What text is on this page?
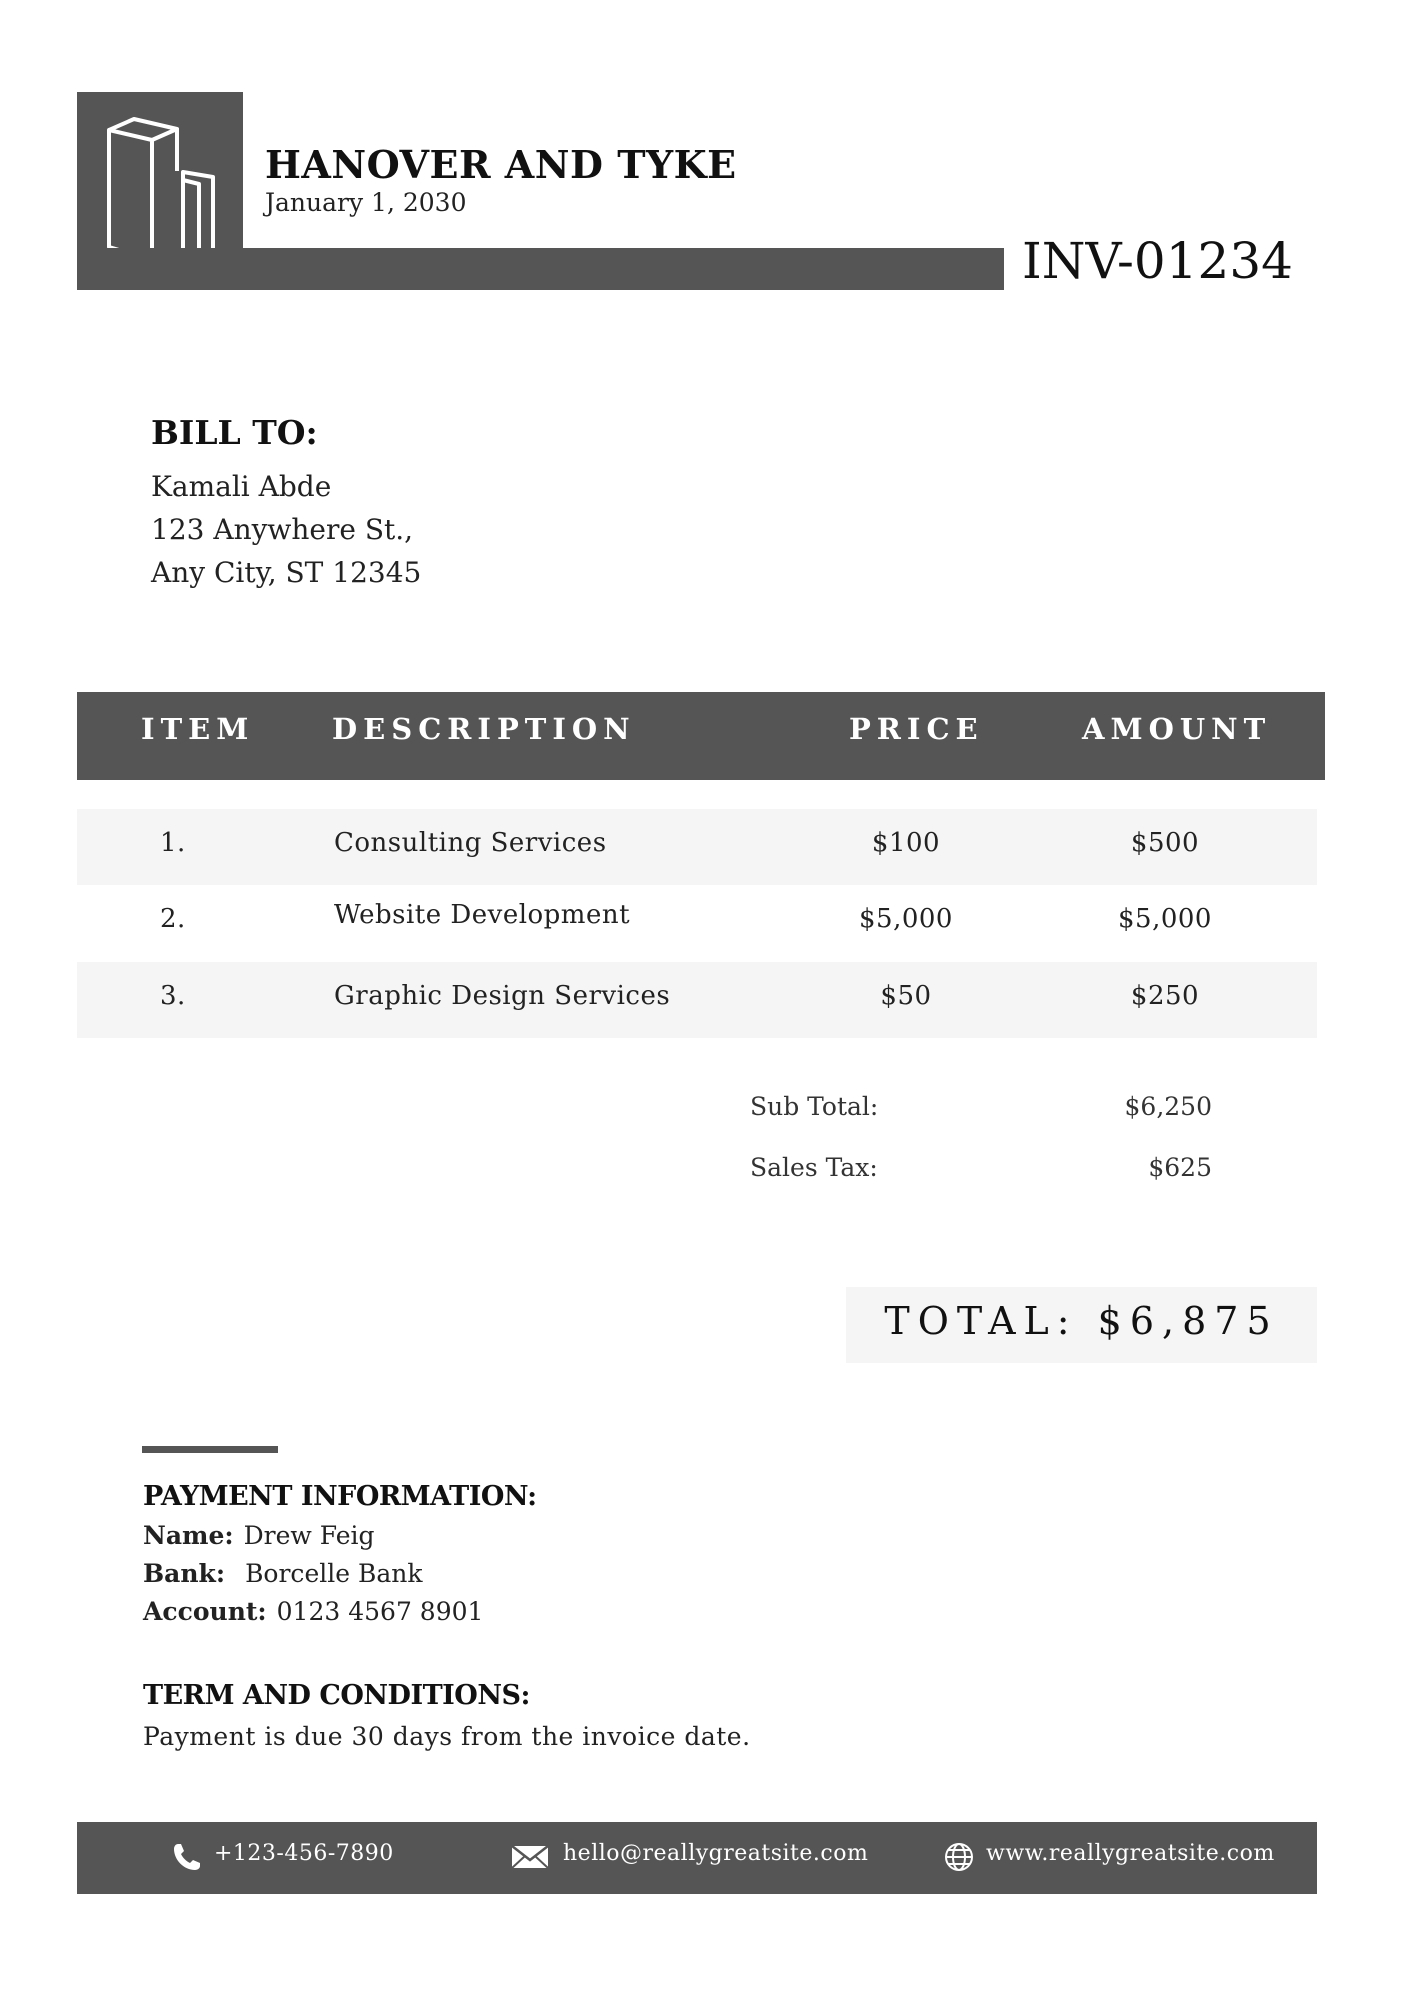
HANOVER AND TYKE
January 1, 2030
INV-01234
BILL TO:
Kamali Abde
123 Anywhere St.,
Any City, ST 12345
ITEM	DESCRIPTION	PRICE	AMOUNT
1.	Consulting Services	$100	$500
2.	Website Development	$5,000	$5,000
3.	Graphic Design Services	$50	$250
Sub Total:	$6,250
Sales Tax:	$625
TOTAL: $6,875
PAYMENT INFORMATION:
Name: Drew Feig
Bank: Borcelle Bank
Account: 0123 4567 8901
TERM AND CONDITIONS:
Payment is due 30 days from the invoice date.
+123-456-7890	hello@reallygreatsite.com	www.reallygreatsite.com
